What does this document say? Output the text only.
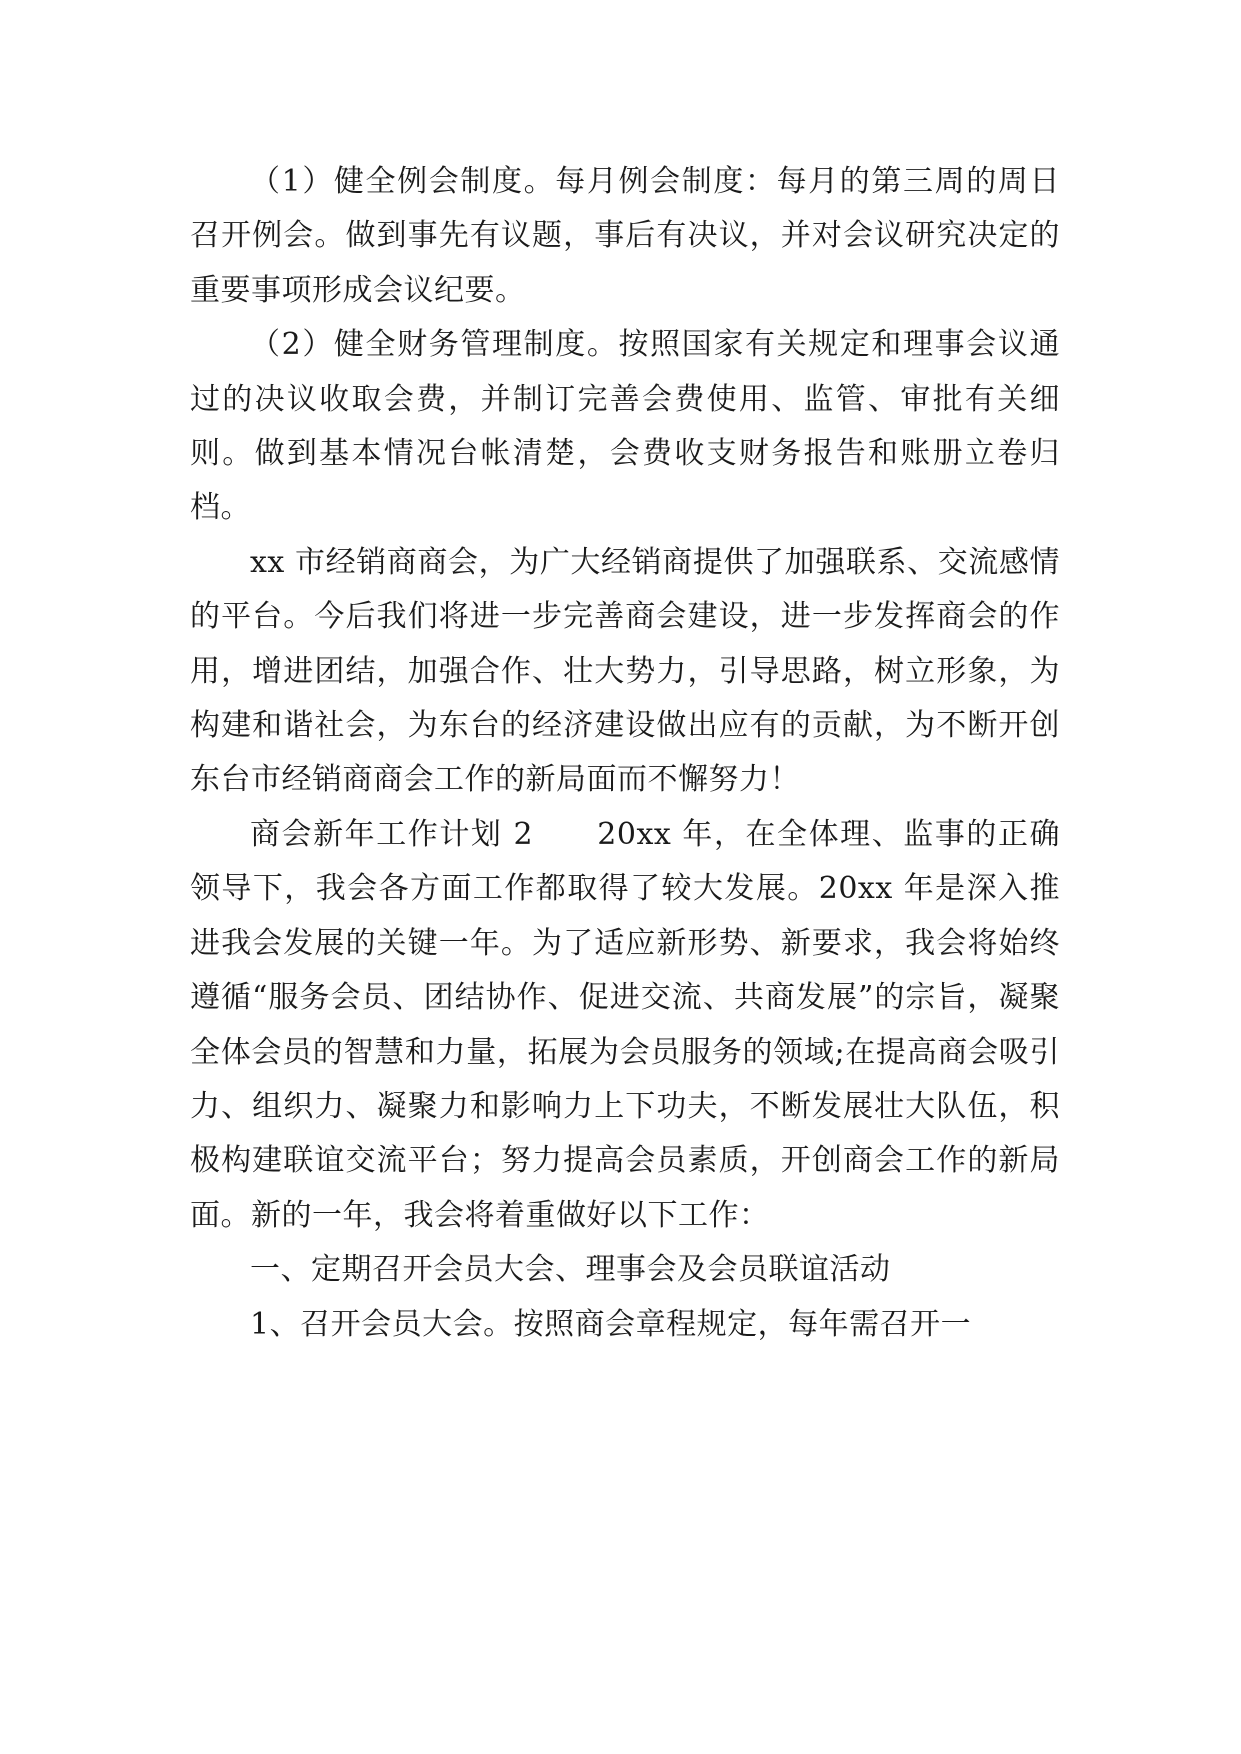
（1）健全例会制度。每月例会制度：每月的第三周的周日召开例会。做到事先有议题，事后有决议，并对会议研究决定的重要事项形成会议纪要。

（2）健全财务管理制度。按照国家有关规定和理事会议通过的决议收取会费，并制订完善会费使用、监管、审批有关细则。做到基本情况台帐清楚，会费收支财务报告和账册立卷归档。

xx 市经销商商会，为广大经销商提供了加强联系、交流感情的平台。今后我们将进一步完善商会建设，进一步发挥商会的作用，增进团结，加强合作、壮大势力，引导思路，树立形象，为构建和谐社会，为东台的经济建设做出应有的贡献，为不断开创东台市经销商商会工作的新局面而不懈努力！

商会新年工作计划 2　　20xx 年，在全体理、监事的正确领导下，我会各方面工作都取得了较大发展。20xx 年是深入推进我会发展的关键一年。为了适应新形势、新要求，我会将始终遵循“服务会员、团结协作、促进交流、共商发展”的宗旨，凝聚全体会员的智慧和力量，拓展为会员服务的领域;在提高商会吸引力、组织力、凝聚力和影响力上下功夫，不断发展壮大队伍，积极构建联谊交流平台；努力提高会员素质，开创商会工作的新局面。新的一年，我会将着重做好以下工作：

一、定期召开会员大会、理事会及会员联谊活动

1、召开会员大会。按照商会章程规定，每年需召开一
